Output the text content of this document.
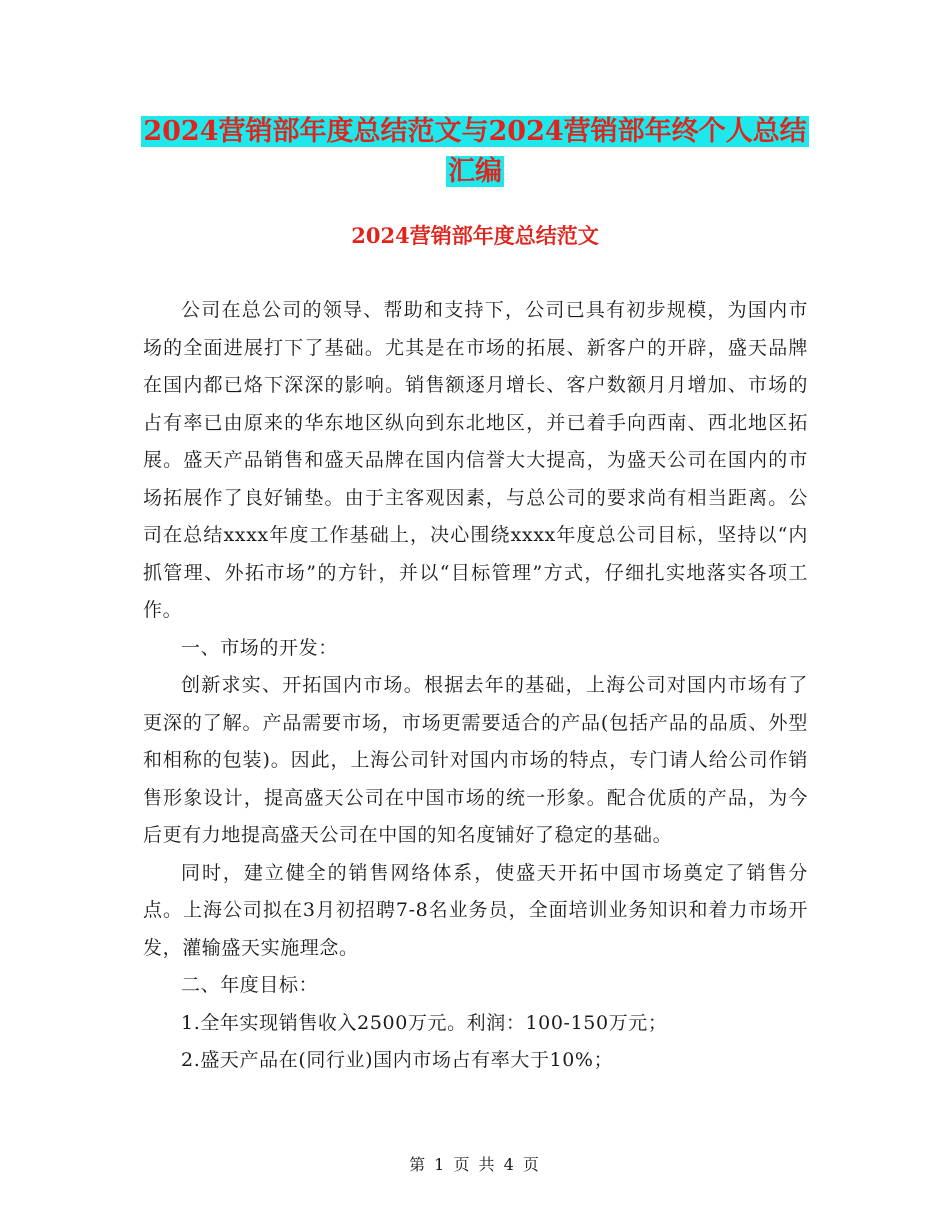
2024营销部年度总结范文与2024营销部年终个人总结
汇编
2024营销部年度总结范文

公司在总公司的领导、帮助和支持下，公司已具有初步规模，为国内市场的全面进展打下了基础。尤其是在市场的拓展、新客户的开辟，盛天品牌在国内都已烙下深深的影响。销售额逐月增长、客户数额月月增加、市场的占有率已由原来的华东地区纵向到东北地区，并已着手向西南、西北地区拓展。盛天产品销售和盛天品牌在国内信誉大大提高，为盛天公司在国内的市场拓展作了良好铺垫。由于主客观因素，与总公司的要求尚有相当距离。公司在总结xxxx年度工作基础上，决心围绕xxxx年度总公司目标，坚持以“内抓管理、外拓市场”的方针，并以“目标管理”方式，仔细扎实地落实各项工作。

一、市场的开发：

创新求实、开拓国内市场。根据去年的基础，上海公司对国内市场有了更深的了解。产品需要市场，市场更需要适合的产品(包括产品的品质、外型和相称的包装)。因此，上海公司针对国内市场的特点，专门请人给公司作销售形象设计，提高盛天公司在中国市场的统一形象。配合优质的产品，为今后更有力地提高盛天公司在中国的知名度铺好了稳定的基础。

同时，建立健全的销售网络体系，使盛天开拓中国市场奠定了销售分点。上海公司拟在3月初招聘7-8名业务员，全面培训业务知识和着力市场开发，灌输盛天实施理念。

二、年度目标：

1.全年实现销售收入2500万元。利润：100-150万元；

2.盛天产品在(同行业)国内市场占有率大于10%；

第 1 页 共 4 页
